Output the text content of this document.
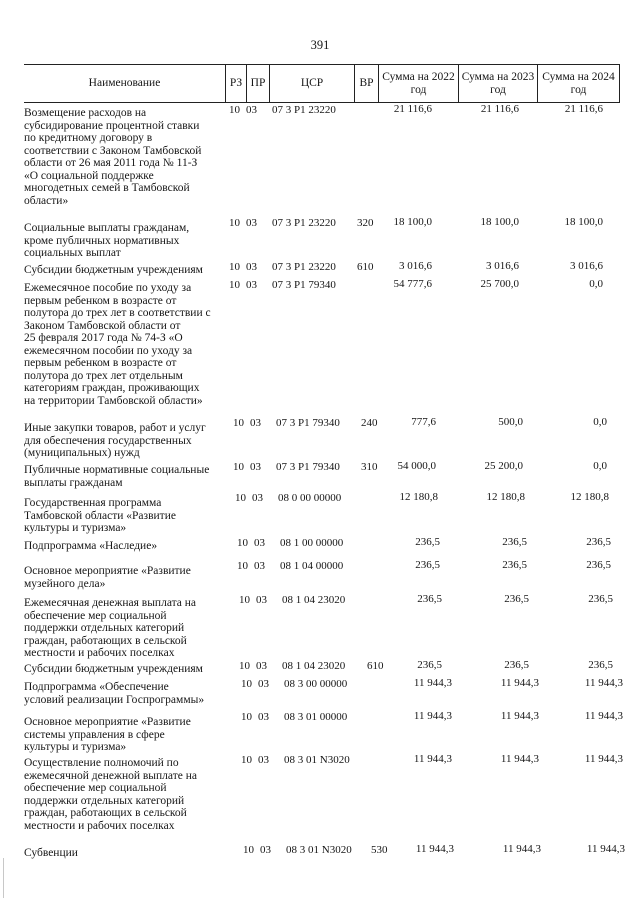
391
Наименование	РЗ ПР	ЦСР	ВР
Сумма на 2022 год
Сумма на 2023 год
Сумма на 2024 год
Возмещение расходов на
субсидирование процентной ставки
по кредитному договору в
соответствии с Законом Тамбовской
области от 26 мая 2011 года № 11-З
«О социальной поддержке
многодетных семей в Тамбовской
области»
10 03 07 3 Р1 23220	21 116,6	21 116,6	21 116,6
Социальные выплаты гражданам,
кроме публичных нормативных
социальных выплат
10 03 07 3 Р1 23220 320	18 100,0	18 100,0	18 100,0
Субсидии бюджетным учреждениям	10 03 07 3 Р1 23220 610	3 016,6	3 016,6	3 016,6
Ежемесячное пособие по уходу за
первым ребенком в возрасте от
полутора до трех лет в соответствии с
Законом Тамбовской области от
25 февраля 2017 года № 74-З «О
ежемесячном пособии по уходу за
первым ребенком в возрасте от
полутора до трех лет отдельным
категориям граждан, проживающих
на территории Тамбовской области»
10 03 07 3 Р1 79340	54 777,6	25 700,0	0,0
Иные закупки товаров, работ и услуг
для обеспечения государственных
(муниципальных) нужд
10 03 07 3 Р1 79340 240	777,6	500,0	0,0
Публичные нормативные социальные
выплаты гражданам
10 03 07 3 Р1 79340 310	54 000,0	25 200,0	0,0
Государственная программа
Тамбовской области «Развитие
культуры и туризма»
10 03 08 0 00 00000	12 180,8	12 180,8	12 180,8
Подпрограмма «Наследие»	10 03 08 1 00 00000	236,5	236,5	236,5
Основное мероприятие «Развитие
музейного дела»
10 03 08 1 04 00000	236,5	236,5	236,5
Ежемесячная денежная выплата на
обеспечение мер социальной
поддержки отдельных категорий
граждан, работающих в сельской
местности и рабочих поселках
10 03 08 1 04 23020	236,5	236,5	236,5
Субсидии бюджетным учреждениям	10 03 08 1 04 23020 610	236,5	236,5	236,5
Подпрограмма «Обеспечение
условий реализации Госпрограммы»
10 03 08 3 00 00000	11 944,3	11 944,3	11 944,3
Основное мероприятие «Развитие
системы управления в сфере
культуры и туризма»
10 03 08 3 01 00000	11 944,3	11 944,3	11 944,3
Осуществление полномочий по
ежемесячной денежной выплате на
обеспечение мер социальной
поддержки отдельных категорий
граждан, работающих в сельской
местности и рабочих поселках
10 03 08 3 01 N3020	11 944,3	11 944,3	11 944,3
Субвенции	10 03 08 3 01 N3020 530	11 944,3	11 944,3	11 944,3
